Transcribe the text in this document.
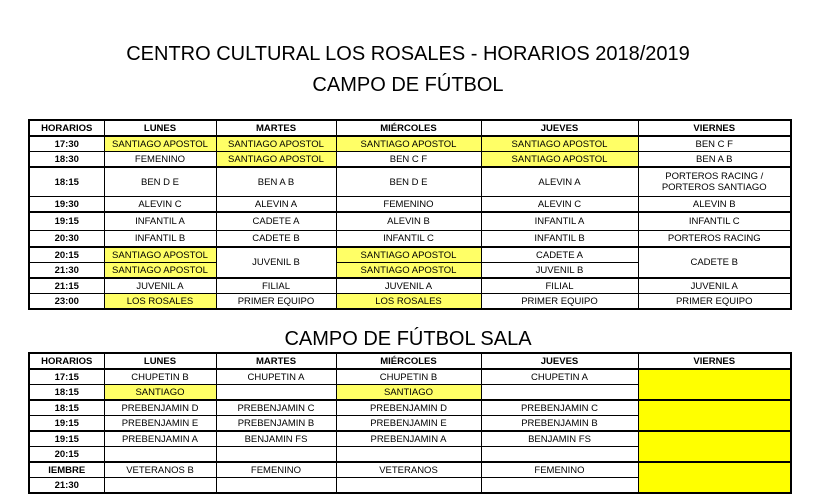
CENTRO CULTURAL LOS ROSALES - HORARIOS 2018/2019
CAMPO DE FÚTBOL
HORARIOS	LUNES	MARTES	MIÉRCOLES	JUEVES	VIERNES
17:30	SANTIAGO APOSTOL	SANTIAGO APOSTOL	SANTIAGO APOSTOL	SANTIAGO APOSTOL	BEN C F
18:30	FEMENINO	SANTIAGO APOSTOL	BEN C F	SANTIAGO APOSTOL	BEN A B
18:15	BEN D E	BEN A B	BEN D E	ALEVIN A	PORTEROS RACING / PORTEROS SANTIAGO
19:30	ALEVIN C	ALEVIN A	FEMENINO	ALEVIN C	ALEVIN B
19:15	INFANTIL A	CADETE A	ALEVIN B	INFANTIL A	INFANTIL C
20:30	INFANTIL B	CADETE B	INFANTIL C	INFANTIL B	PORTEROS RACING
20:15	SANTIAGO APOSTOL	JUVENIL B	SANTIAGO APOSTOL	CADETE A	CADETE B
21:30	SANTIAGO APOSTOL		SANTIAGO APOSTOL	JUVENIL B	
21:15	JUVENIL A	FILIAL	JUVENIL A	FILIAL	JUVENIL A
23:00	LOS ROSALES	PRIMER EQUIPO	LOS ROSALES	PRIMER EQUIPO	PRIMER EQUIPO
CAMPO DE FÚTBOL SALA
HORARIOS	LUNES	MARTES	MIÉRCOLES	JUEVES	VIERNES
17:15	CHUPETIN B	CHUPETIN A	CHUPETIN B	CHUPETIN A	
18:15	SANTIAGO		SANTIAGO		
18:15	PREBENJAMIN D	PREBENJAMIN C	PREBENJAMIN D	PREBENJAMIN C	
19:15	PREBENJAMIN E	PREBENJAMIN B	PREBENJAMIN E	PREBENJAMIN B	
19:15	PREBENJAMIN A	BENJAMIN FS	PREBENJAMIN A	BENJAMIN FS	
20:15					
IEMBRE	VETERANOS B	FEMENINO	VETERANOS	FEMENINO	
21:30					
